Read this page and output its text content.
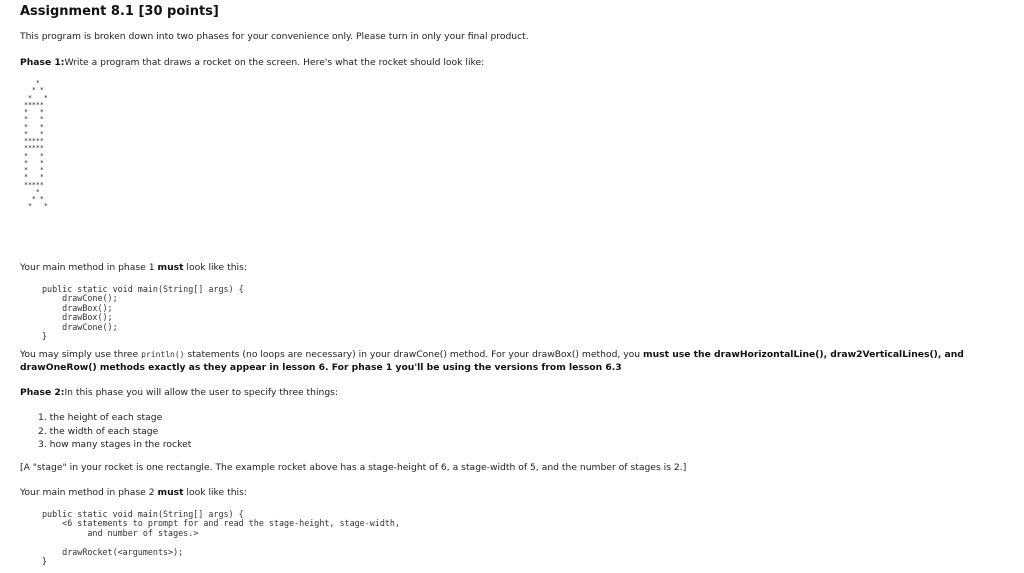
Assignment 8.1 [30 points]
This program is broken down into two phases for your convenience only. Please turn in only your final product.
Phase 1:Write a program that draws a rocket on the screen. Here's what the rocket should look like:
*
* *
*   *
*****
*   *
*   *
*   *
*   *
*****
*****
*   *
*   *
*   *
*   *
*****
*
* *
*   *
Your main method in phase 1 must look like this:
public static void main(String[] args) {
drawCone();
drawBox();
drawBox();
drawCone();
}
You may simply use three println() statements (no loops are necessary) in your drawCone() method. For your drawBox() method, you must use the drawHorizontalLine(), draw2VerticalLines(), and
drawOneRow() methods exactly as they appear in lesson 6. For phase 1 you'll be using the versions from lesson 6.3
Phase 2:In this phase you will allow the user to specify three things:
1. the height of each stage
2. the width of each stage
3. how many stages in the rocket
[A "stage" in your rocket is one rectangle. The example rocket above has a stage-height of 6, a stage-width of 5, and the number of stages is 2.]
Your main method in phase 2 must look like this:
public static void main(String[] args) {
<6 statements to prompt for and read the stage-height, stage-width,
and number of stages.>

drawRocket(<arguments>);
}
